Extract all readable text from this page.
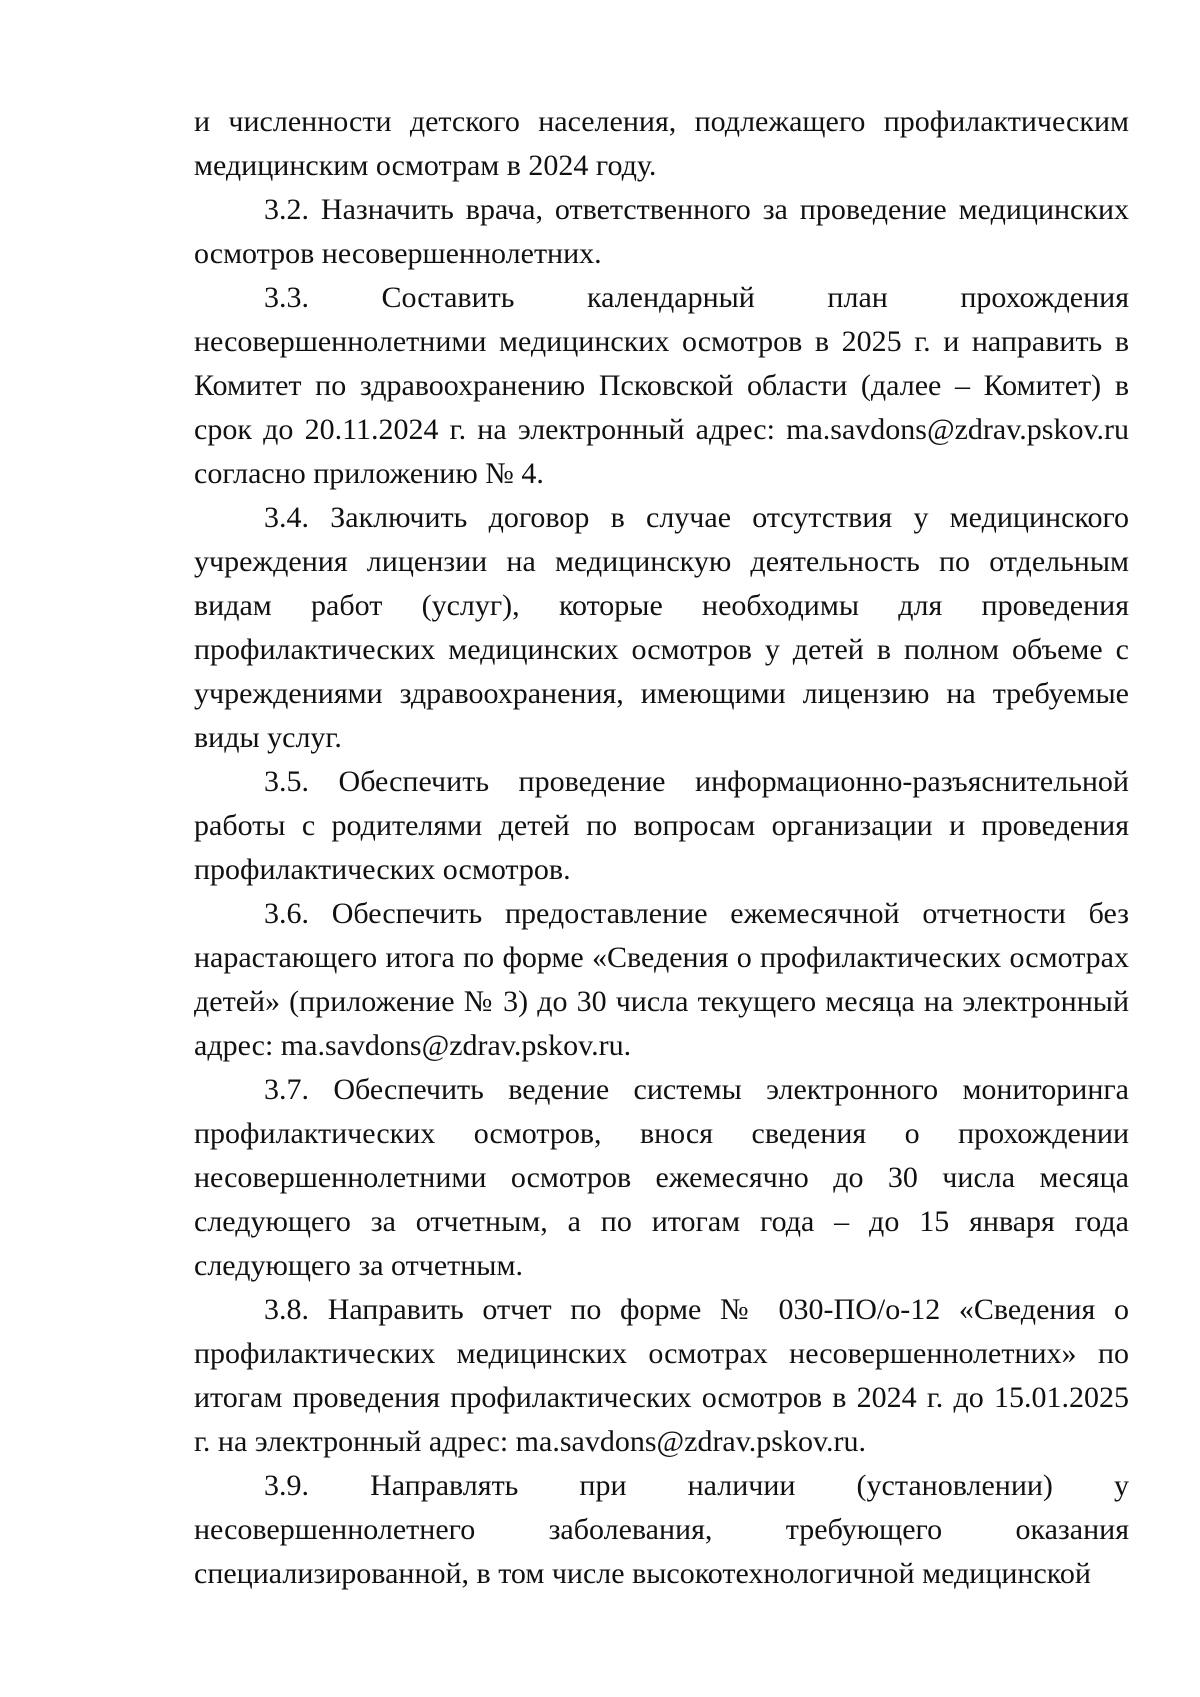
и численности детского населения, подлежащего профилактическим медицинским осмотрам в 2024 году.

3.2. Назначить врача, ответственного за проведение медицинских осмотров несовершеннолетних.

3.3. Составить календарный план прохождения несовершеннолетними медицинских осмотров в 2025 г. и направить в Комитет по здравоохранению Псковской области (далее – Комитет) в срок до 20.11.2024 г. на электронный адрес: ma.savdons@zdrav.pskov.ru согласно приложению № 4.

3.4. Заключить договор в случае отсутствия у медицинского учреждения лицензии на медицинскую деятельность по отдельным видам работ (услуг), которые необходимы для проведения профилактических медицинских осмотров у детей в полном объеме с учреждениями здравоохранения, имеющими лицензию на требуемые виды услуг.

3.5. Обеспечить проведение информационно-разъяснительной работы с родителями детей по вопросам организации и проведения профилактических осмотров.

3.6. Обеспечить предоставление ежемесячной отчетности без нарастающего итога по форме «Сведения о профилактических осмотрах детей» (приложение № 3) до 30 числа текущего месяца на электронный адрес: ma.savdons@zdrav.pskov.ru.

3.7. Обеспечить ведение системы электронного мониторинга профилактических осмотров, внося сведения о прохождении несовершеннолетними осмотров ежемесячно до 30 числа месяца следующего за отчетным, а по итогам года – до 15 января года следующего за отчетным.

3.8. Направить отчет по форме № 030-ПО/о-12 «Сведения о профилактических медицинских осмотрах несовершеннолетних» по итогам проведения профилактических осмотров в 2024 г. до 15.01.2025 г. на электронный адрес: ma.savdons@zdrav.pskov.ru.

3.9. Направлять при наличии (установлении) у несовершеннолетнего заболевания, требующего оказания специализированной, в том числе высокотехнологичной медицинской
